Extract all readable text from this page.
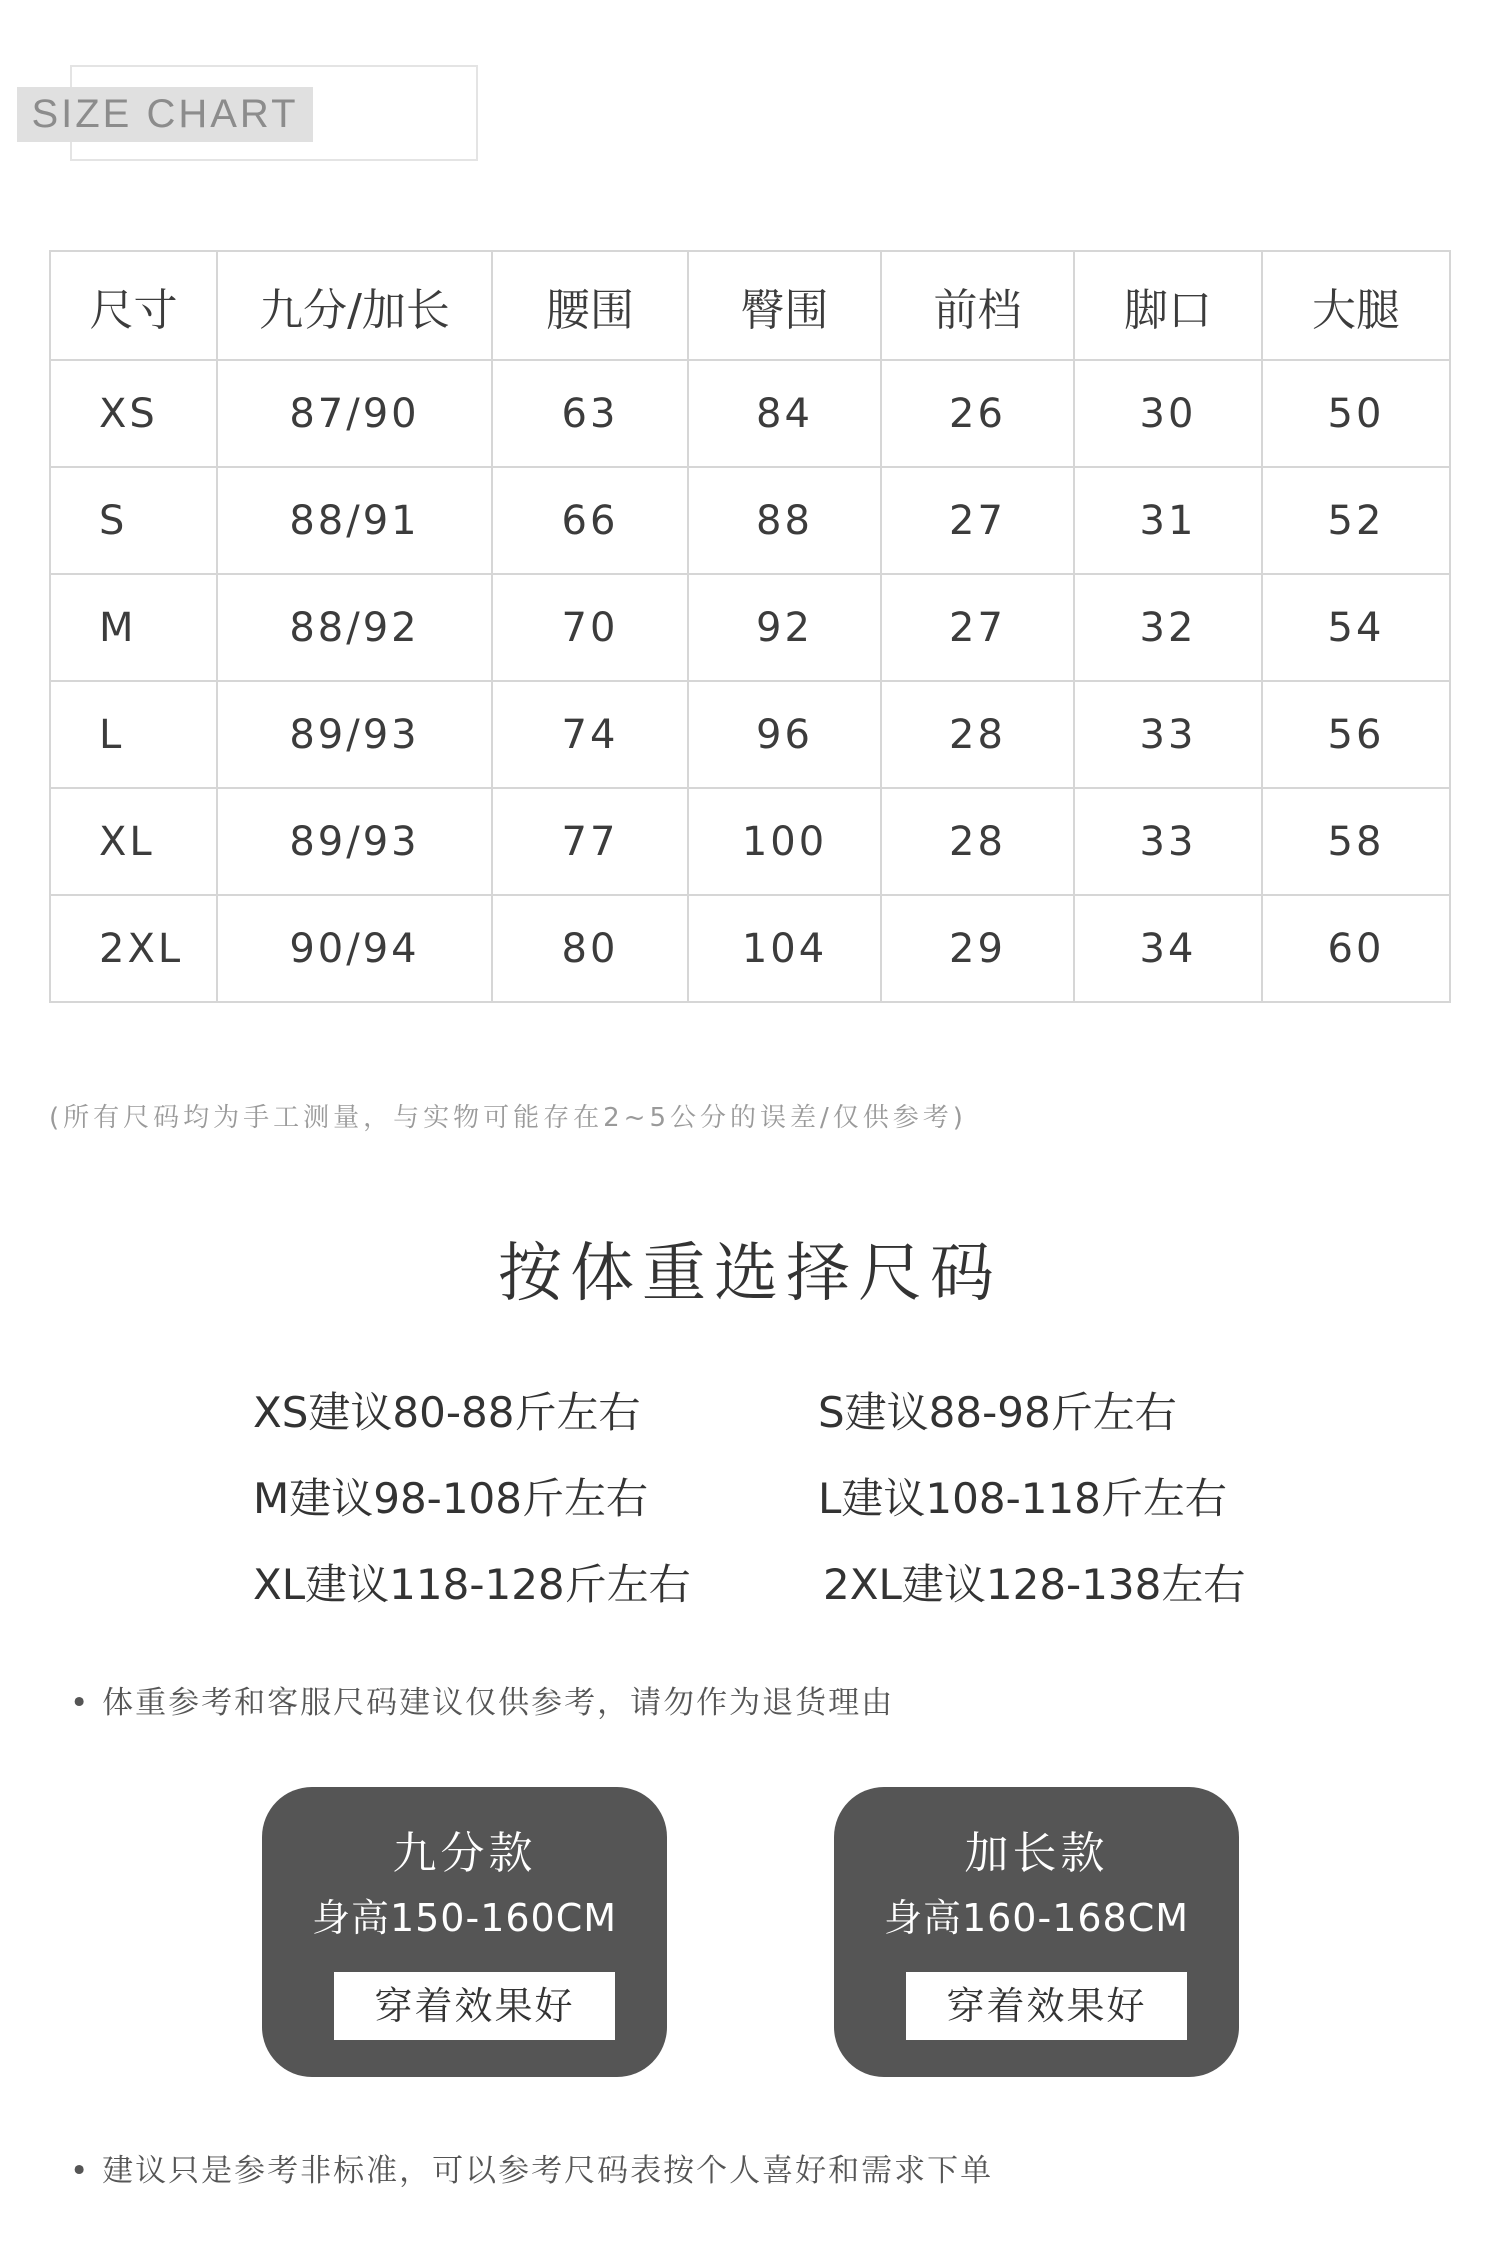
SIZE CHART
尺寸	九分/加长	腰围	臀围	前档	脚口	大腿
XS	87/90	63	84	26	30	50
S	88/91	66	88	27	31	52
M	88/92	70	92	27	32	54
L	89/93	74	96	28	33	56
XL	89/93	77	100	28	33	58
2XL	90/94	80	104	29	34	60
(所有尺码均为手工测量，与实物可能存在2~5公分的误差/仅供参考)
按体重选择尺码
XS建议80-88斤左右	S建议88-98斤左右
M建议98-108斤左右	L建议108-118斤左右
XL建议118-128斤左右	2XL建议128-138左右
• 体重参考和客服尺码建议仅供参考，请勿作为退货理由
九分款
身高150-160CM
穿着效果好
加长款
身高160-168CM
穿着效果好
• 建议只是参考非标准，可以参考尺码表按个人喜好和需求下单
